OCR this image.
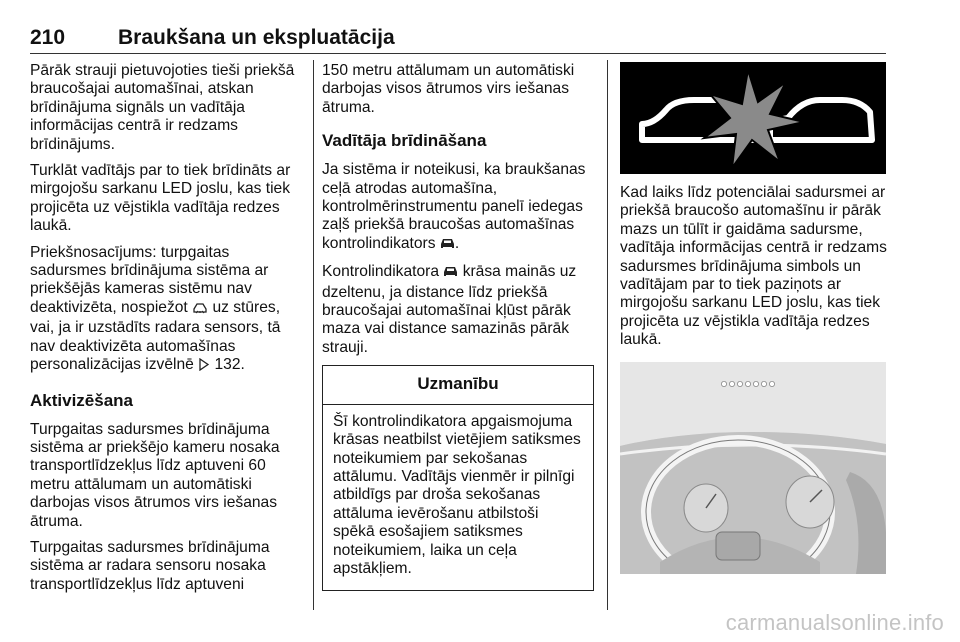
210	Braukšana un ekspluatācija

Pārāk strauji pietuvojoties tieši priekšā braucošajai automašīnai, atskan brīdinājuma signāls un vadītāja informācijas centrā ir redzams brīdinājums.

Turklāt vadītājs par to tiek brīdināts ar mirgojošu sarkanu LED joslu, kas tiek projicēta uz vējstikla vadītāja redzes laukā.

Priekšnosacījums: turpgaitas sadursmes brīdinājuma sistēma ar priekšējās kameras sistēmu nav deaktivizēta, nospiežot  uz stūres, vai, ja ir uzstādīts radara sensors, tā nav deaktivizēta automašīnas personalizācijas izvēlnē  132.

Aktivizēšana

Turpgaitas sadursmes brīdinājuma sistēma ar priekšējo kameru nosaka transportlīdzekļus līdz aptuveni 60 metru attālumam un automātiski darbojas visos ātrumos virs iešanas ātruma.

Turpgaitas sadursmes brīdinājuma sistēma ar radara sensoru nosaka transportlīdzekļus līdz aptuveni

150 metru attālumam un automātiski darbojas visos ātrumos virs iešanas ātruma.

Vadītāja brīdināšana

Ja sistēma ir noteikusi, ka braukšanas ceļā atrodas automašīna, kontrolmērinstrumentu panelī iedegas zaļš priekšā braucošas automašīnas kontrolindikators .

Kontrolindikatora  krāsa mainās uz dzeltenu, ja distance līdz priekšā braucošajai automašīnai kļūst pārāk maza vai distance samazinās pārāk strauji.

Uzmanību
Šī kontrolindikatora apgaismojuma krāsas neatbilst vietējiem satiksmes noteikumiem par sekošanas attālumu. Vadītājs vienmēr ir pilnīgi atbildīgs par droša sekošanas attāluma ievērošanu atbilstoši spēkā esošajiem satiksmes noteikumiem, laika un ceļa apstākļiem.

Kad laiks līdz potenciālai sadursmei ar priekšā braucošo automašīnu ir pārāk mazs un tūlīt ir gaidāma sadursme, vadītāja informācijas centrā ir redzams sadursmes brīdinājuma simbols un vadītājam par to tiek paziņots ar mirgojošu sarkanu LED joslu, kas tiek projicēta uz vējstikla vadītāja redzes laukā.

carmanualsonline.info
